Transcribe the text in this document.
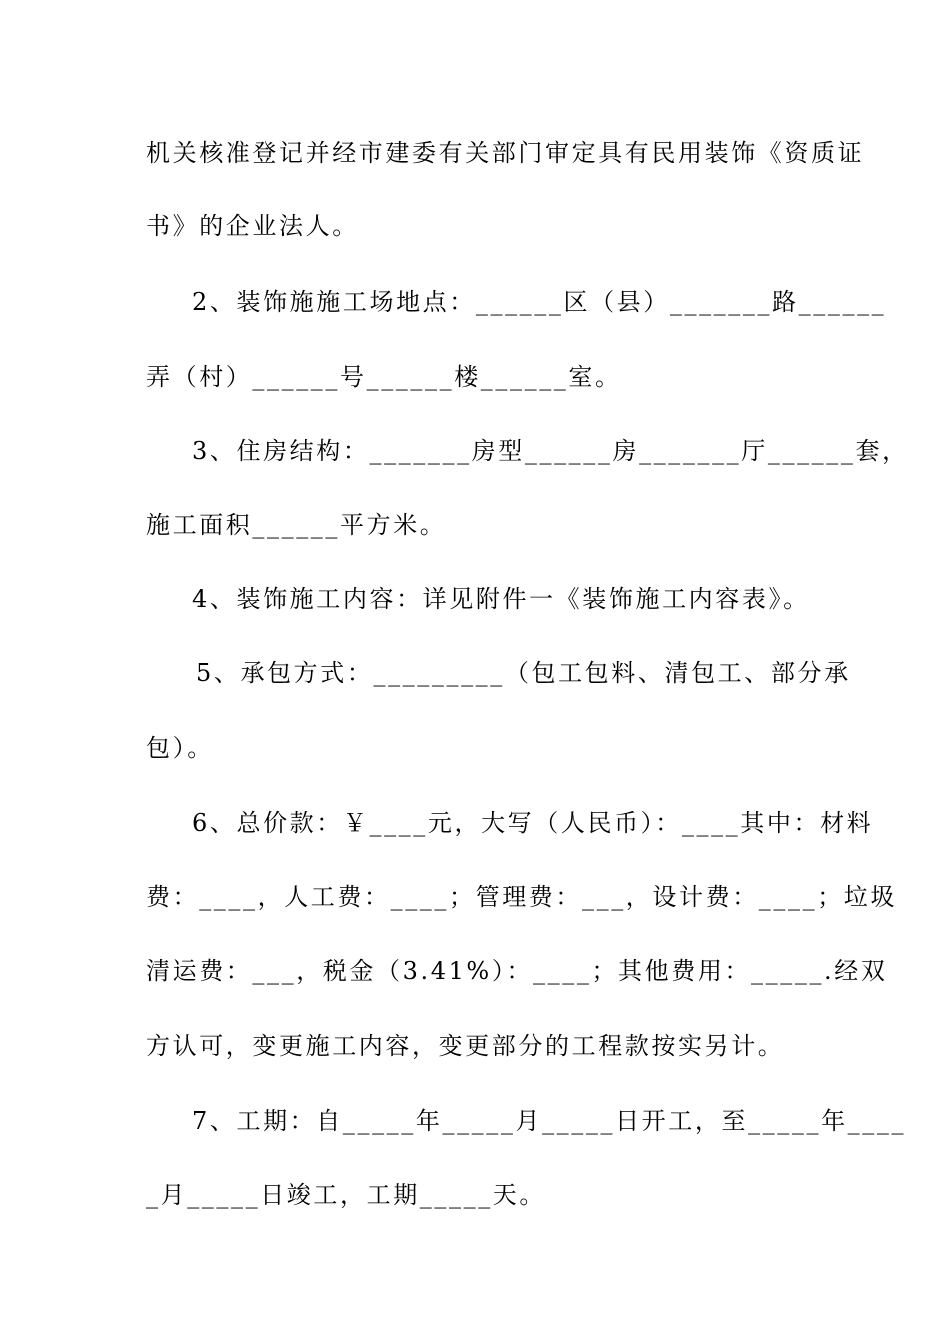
机关核准登记并经市建委有关部门审定具有民用装饰《资质证
书》的企业法人。
2、装饰施施工场地点：______区（县）_______路______
弄（村）______号______楼______室。
3、住房结构：_______房型______房_______厅______套，
施工面积______平方米。
4、装饰施工内容：详见附件一《装饰施工内容表》。
5、承包方式：_________（包工包料、清包工、部分承
包）。
6、总价款：￥____元，大写（人民币）：____其中：材料
费：____，人工费：____；管理费：___，设计费：____；垃圾
清运费：___，税金（3.41%）：____；其他费用：_____.经双
方认可，变更施工内容，变更部分的工程款按实另计。
7、工期：自_____年_____月_____日开工，至_____年____
_月_____日竣工，工期_____天。
